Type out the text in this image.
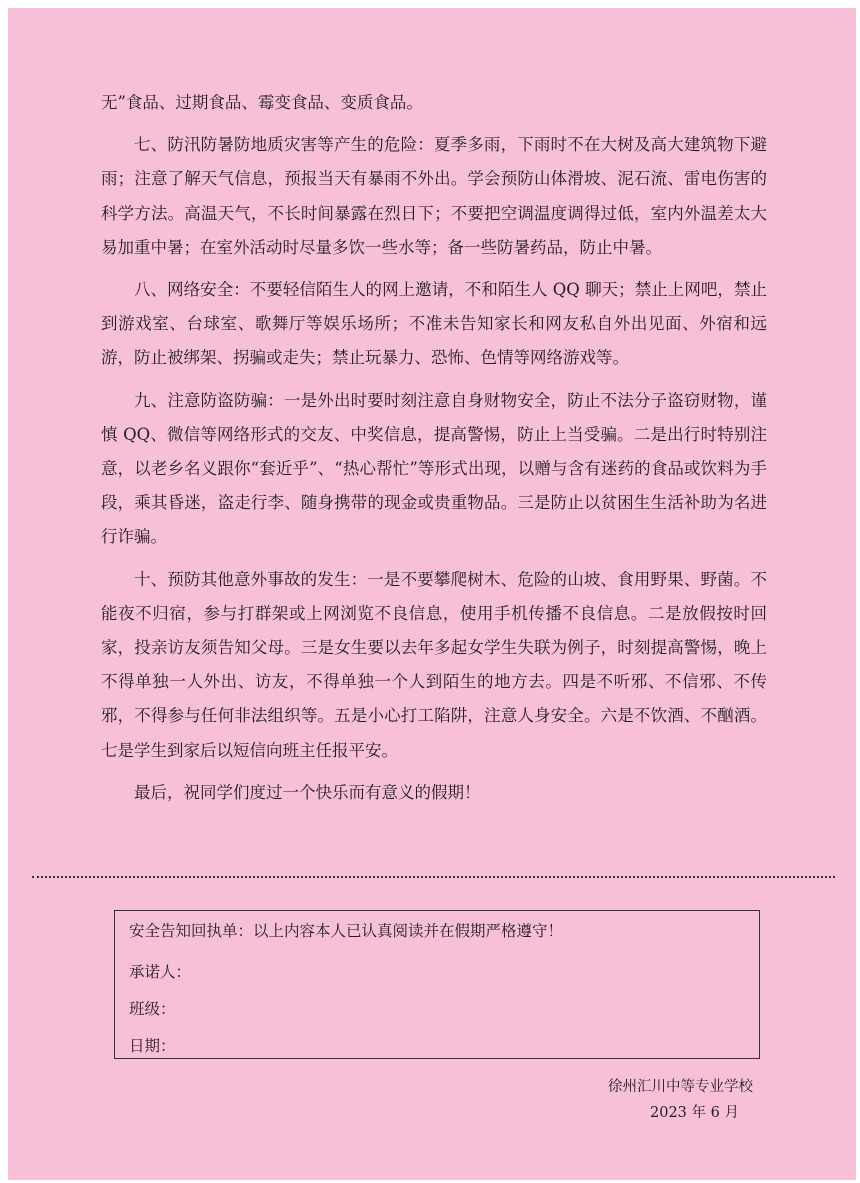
无”食品、过期食品、霉变食品、变质食品。

七、防汛防暑防地质灾害等产生的危险：夏季多雨，下雨时不在大树及高大建筑物下避雨；注意了解天气信息，预报当天有暴雨不外出。学会预防山体滑坡、泥石流、雷电伤害的科学方法。高温天气，不长时间暴露在烈日下；不要把空调温度调得过低，室内外温差太大易加重中暑；在室外活动时尽量多饮一些水等；备一些防暑药品，防止中暑。

八、网络安全：不要轻信陌生人的网上邀请，不和陌生人 QQ 聊天；禁止上网吧，禁止到游戏室、台球室、歌舞厅等娱乐场所；不准未告知家长和网友私自外出见面、外宿和远游，防止被绑架、拐骗或走失；禁止玩暴力、恐怖、色情等网络游戏等。

九、注意防盗防骗：一是外出时要时刻注意自身财物安全，防止不法分子盗窃财物，谨慎 QQ、微信等网络形式的交友、中奖信息，提高警惕，防止上当受骗。二是出行时特别注意，以老乡名义跟你“套近乎”、“热心帮忙”等形式出现，以赠与含有迷药的食品或饮料为手段，乘其昏迷，盗走行李、随身携带的现金或贵重物品。三是防止以贫困生生活补助为名进行诈骗。

十、预防其他意外事故的发生：一是不要攀爬树木、危险的山坡、食用野果、野菌。不能夜不归宿，参与打群架或上网浏览不良信息，使用手机传播不良信息。二是放假按时回家，投亲访友须告知父母。三是女生要以去年多起女学生失联为例子，时刻提高警惕，晚上不得单独一人外出、访友，不得单独一个人到陌生的地方去。四是不听邪、不信邪、不传邪，不得参与任何非法组织等。五是小心打工陷阱，注意人身安全。六是不饮酒、不酗酒。七是学生到家后以短信向班主任报平安。

最后，祝同学们度过一个快乐而有意义的假期！

安全告知回执单：以上内容本人已认真阅读并在假期严格遵守！
承诺人：
班级：
日期：
徐州汇川中等专业学校
2023 年 6 月
